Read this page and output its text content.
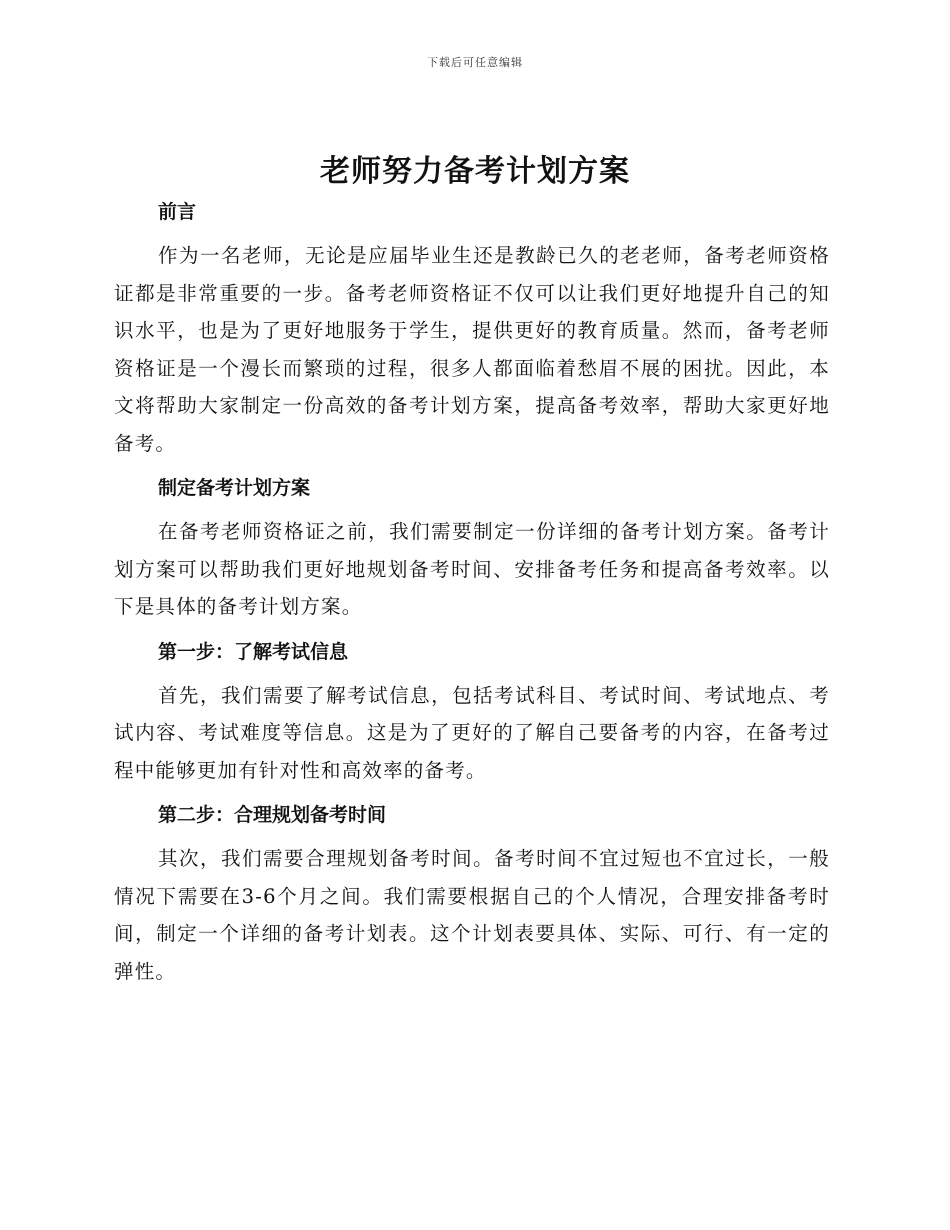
下载后可任意编辑
老师努力备考计划方案
前言

作为一名老师，无论是应届毕业生还是教龄已久的老老师，备考老师资格证都是非常重要的一步。备考老师资格证不仅可以让我们更好地提升自己的知识水平，也是为了更好地服务于学生，提供更好的教育质量。然而，备考老师资格证是一个漫长而繁琐的过程，很多人都面临着愁眉不展的困扰。因此，本文将帮助大家制定一份高效的备考计划方案，提高备考效率，帮助大家更好地备考。

制定备考计划方案

在备考老师资格证之前，我们需要制定一份详细的备考计划方案。备考计划方案可以帮助我们更好地规划备考时间、安排备考任务和提高备考效率。以下是具体的备考计划方案。

第一步：了解考试信息

首先，我们需要了解考试信息，包括考试科目、考试时间、考试地点、考试内容、考试难度等信息。这是为了更好的了解自己要备考的内容，在备考过程中能够更加有针对性和高效率的备考。

第二步：合理规划备考时间

其次，我们需要合理规划备考时间。备考时间不宜过短也不宜过长，一般情况下需要在3-6个月之间。我们需要根据自己的个人情况，合理安排备考时间，制定一个详细的备考计划表。这个计划表要具体、实际、可行、有一定的弹性。
